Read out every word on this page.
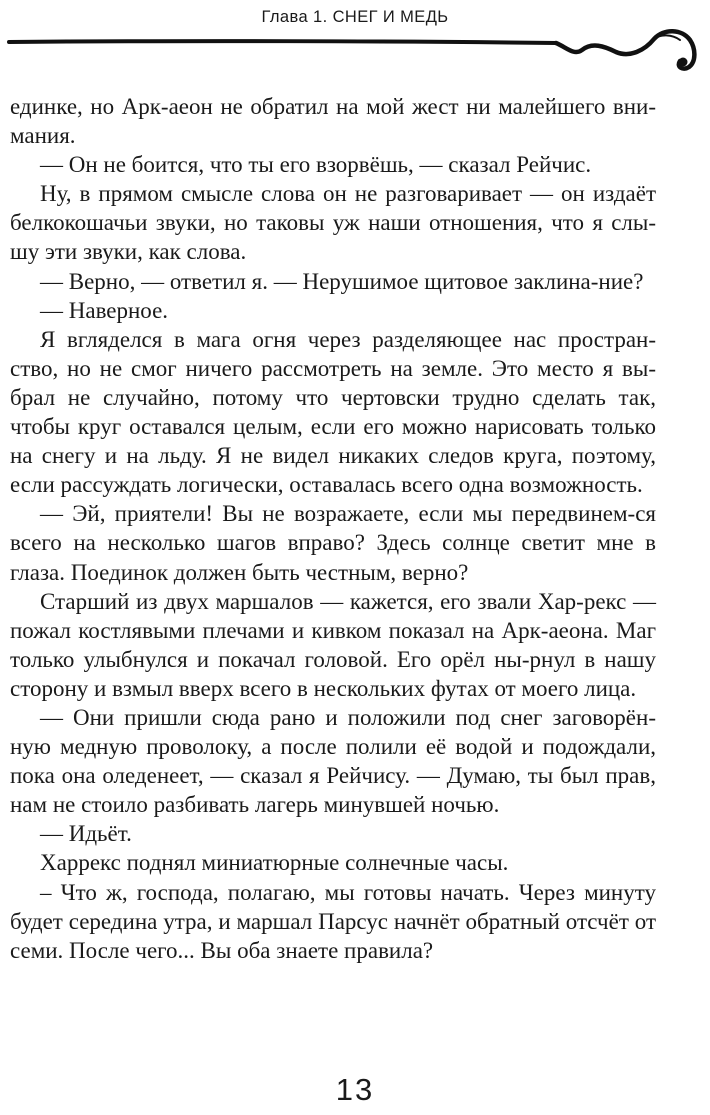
Глава 1. СНЕГ И МЕДЬ

единке, но Арк-аеон не обратил на мой жест ни малейшего вни-мания.

— Он не боится, что ты его взорвёшь, — сказал Рейчис.

Ну, в прямом смысле слова он не разговаривает — он издаёт белкокошачьи звуки, но таковы уж наши отношения, что я слы-шу эти звуки, как слова.

— Верно, — ответил я. — Нерушимое щитовое заклина-ние?

— Наверное.

Я вгляделся в мага огня через разделяющее нас простран-ство, но не смог ничего рассмотреть на земле. Это место я вы-брал не случайно, потому что чертовски трудно сделать так, чтобы круг оставался целым, если его можно нарисовать только на снегу и на льду. Я не видел никаких следов круга, поэтому, если рассуждать логически, оставалась всего одна возможность.

— Эй, приятели! Вы не возражаете, если мы передвинем-ся всего на несколько шагов вправо? Здесь солнце светит мне в глаза. Поединок должен быть честным, верно?

Старший из двух маршалов — кажется, его звали Хар-рекс — пожал костлявыми плечами и кивком показал на Арк-аеона. Маг только улыбнулся и покачал головой. Его орёл ны-рнул в нашу сторону и взмыл вверх всего в нескольких футах от моего лица.

— Они пришли сюда рано и положили под снег заговорён-ную медную проволоку, а после полили её водой и подождали, пока она оледенеет, — сказал я Рейчису. — Думаю, ты был прав, нам не стоило разбивать лагерь минувшей ночью.

— Идьёт.

Харрекс поднял миниатюрные солнечные часы.

– Что ж, господа, полагаю, мы готовы начать. Через минуту будет середина утра, и маршал Парсус начнёт обратный отсчёт от семи. После чего... Вы оба знаете правила?

13
